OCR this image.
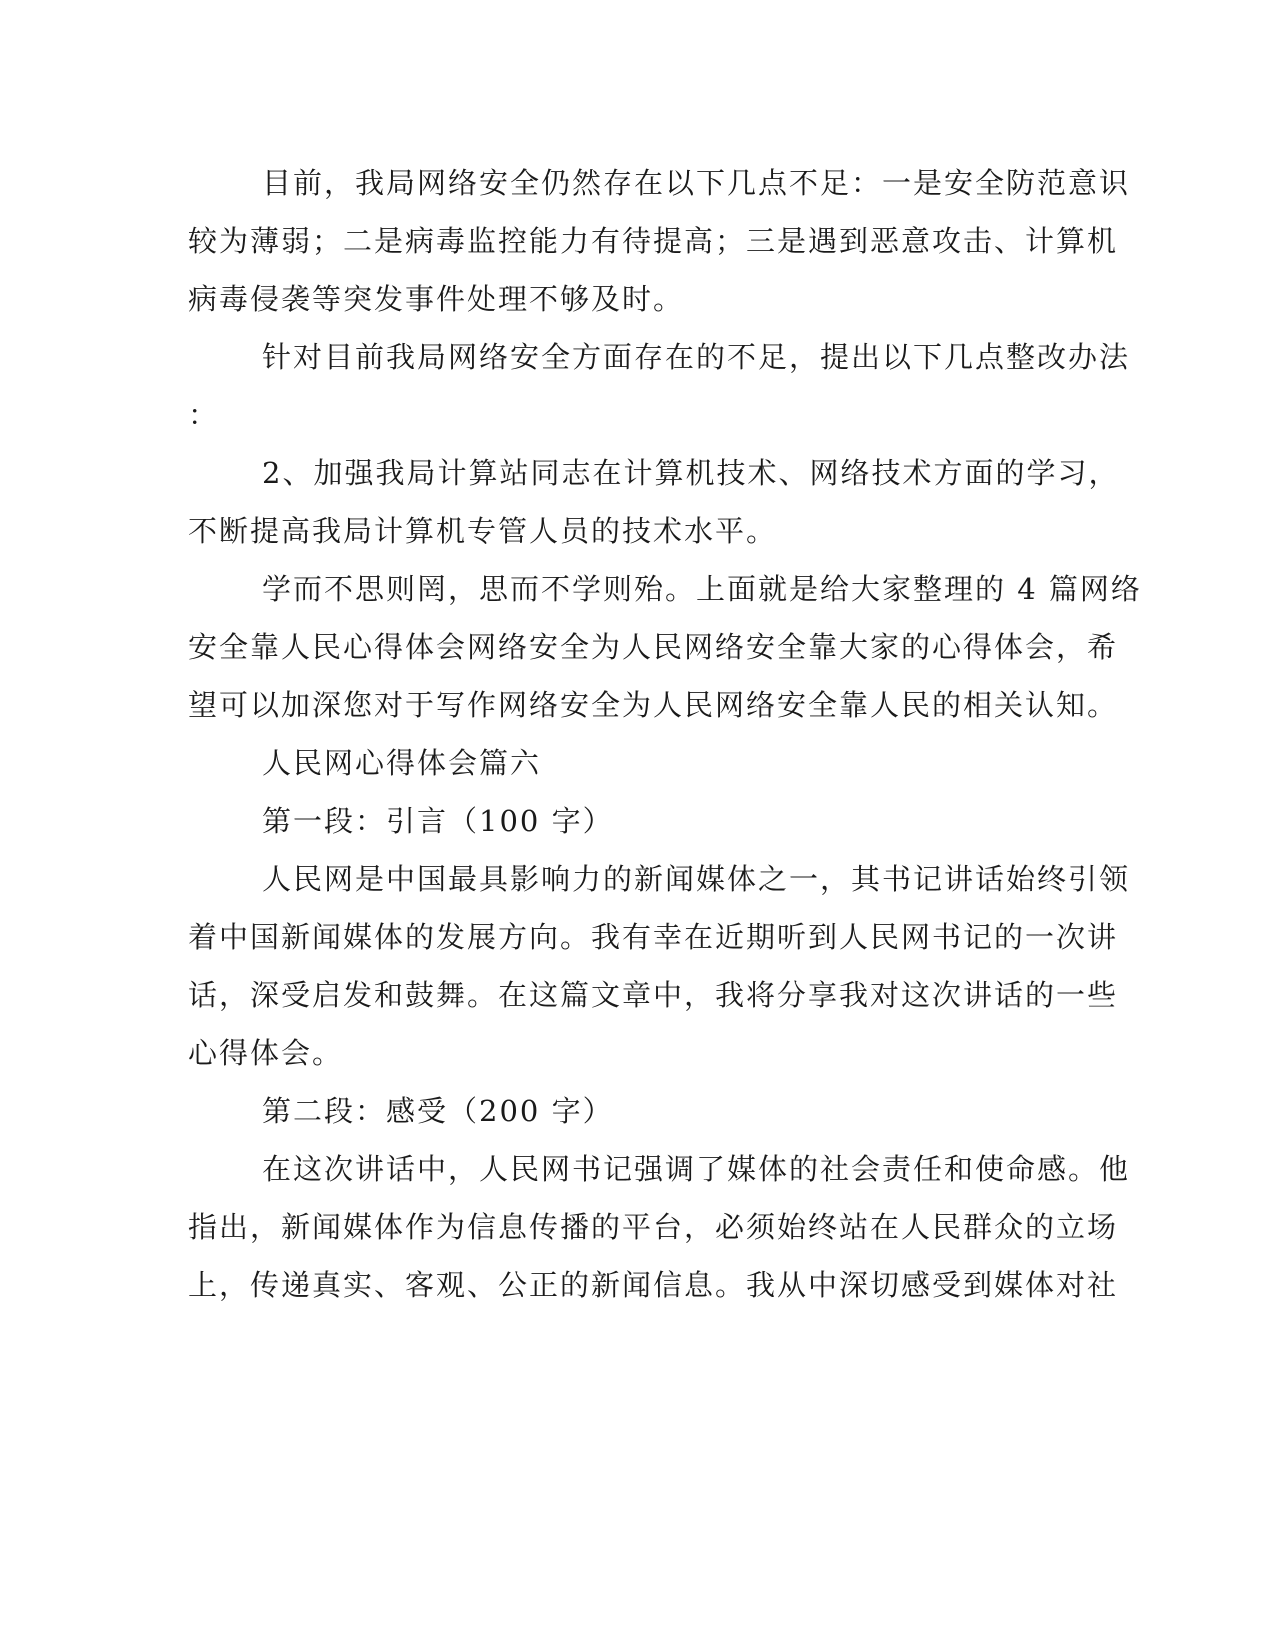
目前，我局网络安全仍然存在以下几点不足：一是安全防范意识
较为薄弱；二是病毒监控能力有待提高；三是遇到恶意攻击、计算机
病毒侵袭等突发事件处理不够及时。
针对目前我局网络安全方面存在的不足，提出以下几点整改办法
：
2、加强我局计算站同志在计算机技术、网络技术方面的学习，
不断提高我局计算机专管人员的技术水平。
学而不思则罔，思而不学则殆。上面就是给大家整理的 4 篇网络
安全靠人民心得体会网络安全为人民网络安全靠大家的心得体会，希
望可以加深您对于写作网络安全为人民网络安全靠人民的相关认知。
人民网心得体会篇六
第一段：引言（100 字）
人民网是中国最具影响力的新闻媒体之一，其书记讲话始终引领
着中国新闻媒体的发展方向。我有幸在近期听到人民网书记的一次讲
话，深受启发和鼓舞。在这篇文章中，我将分享我对这次讲话的一些
心得体会。
第二段：感受（200 字）
在这次讲话中，人民网书记强调了媒体的社会责任和使命感。他
指出，新闻媒体作为信息传播的平台，必须始终站在人民群众的立场
上，传递真实、客观、公正的新闻信息。我从中深切感受到媒体对社
